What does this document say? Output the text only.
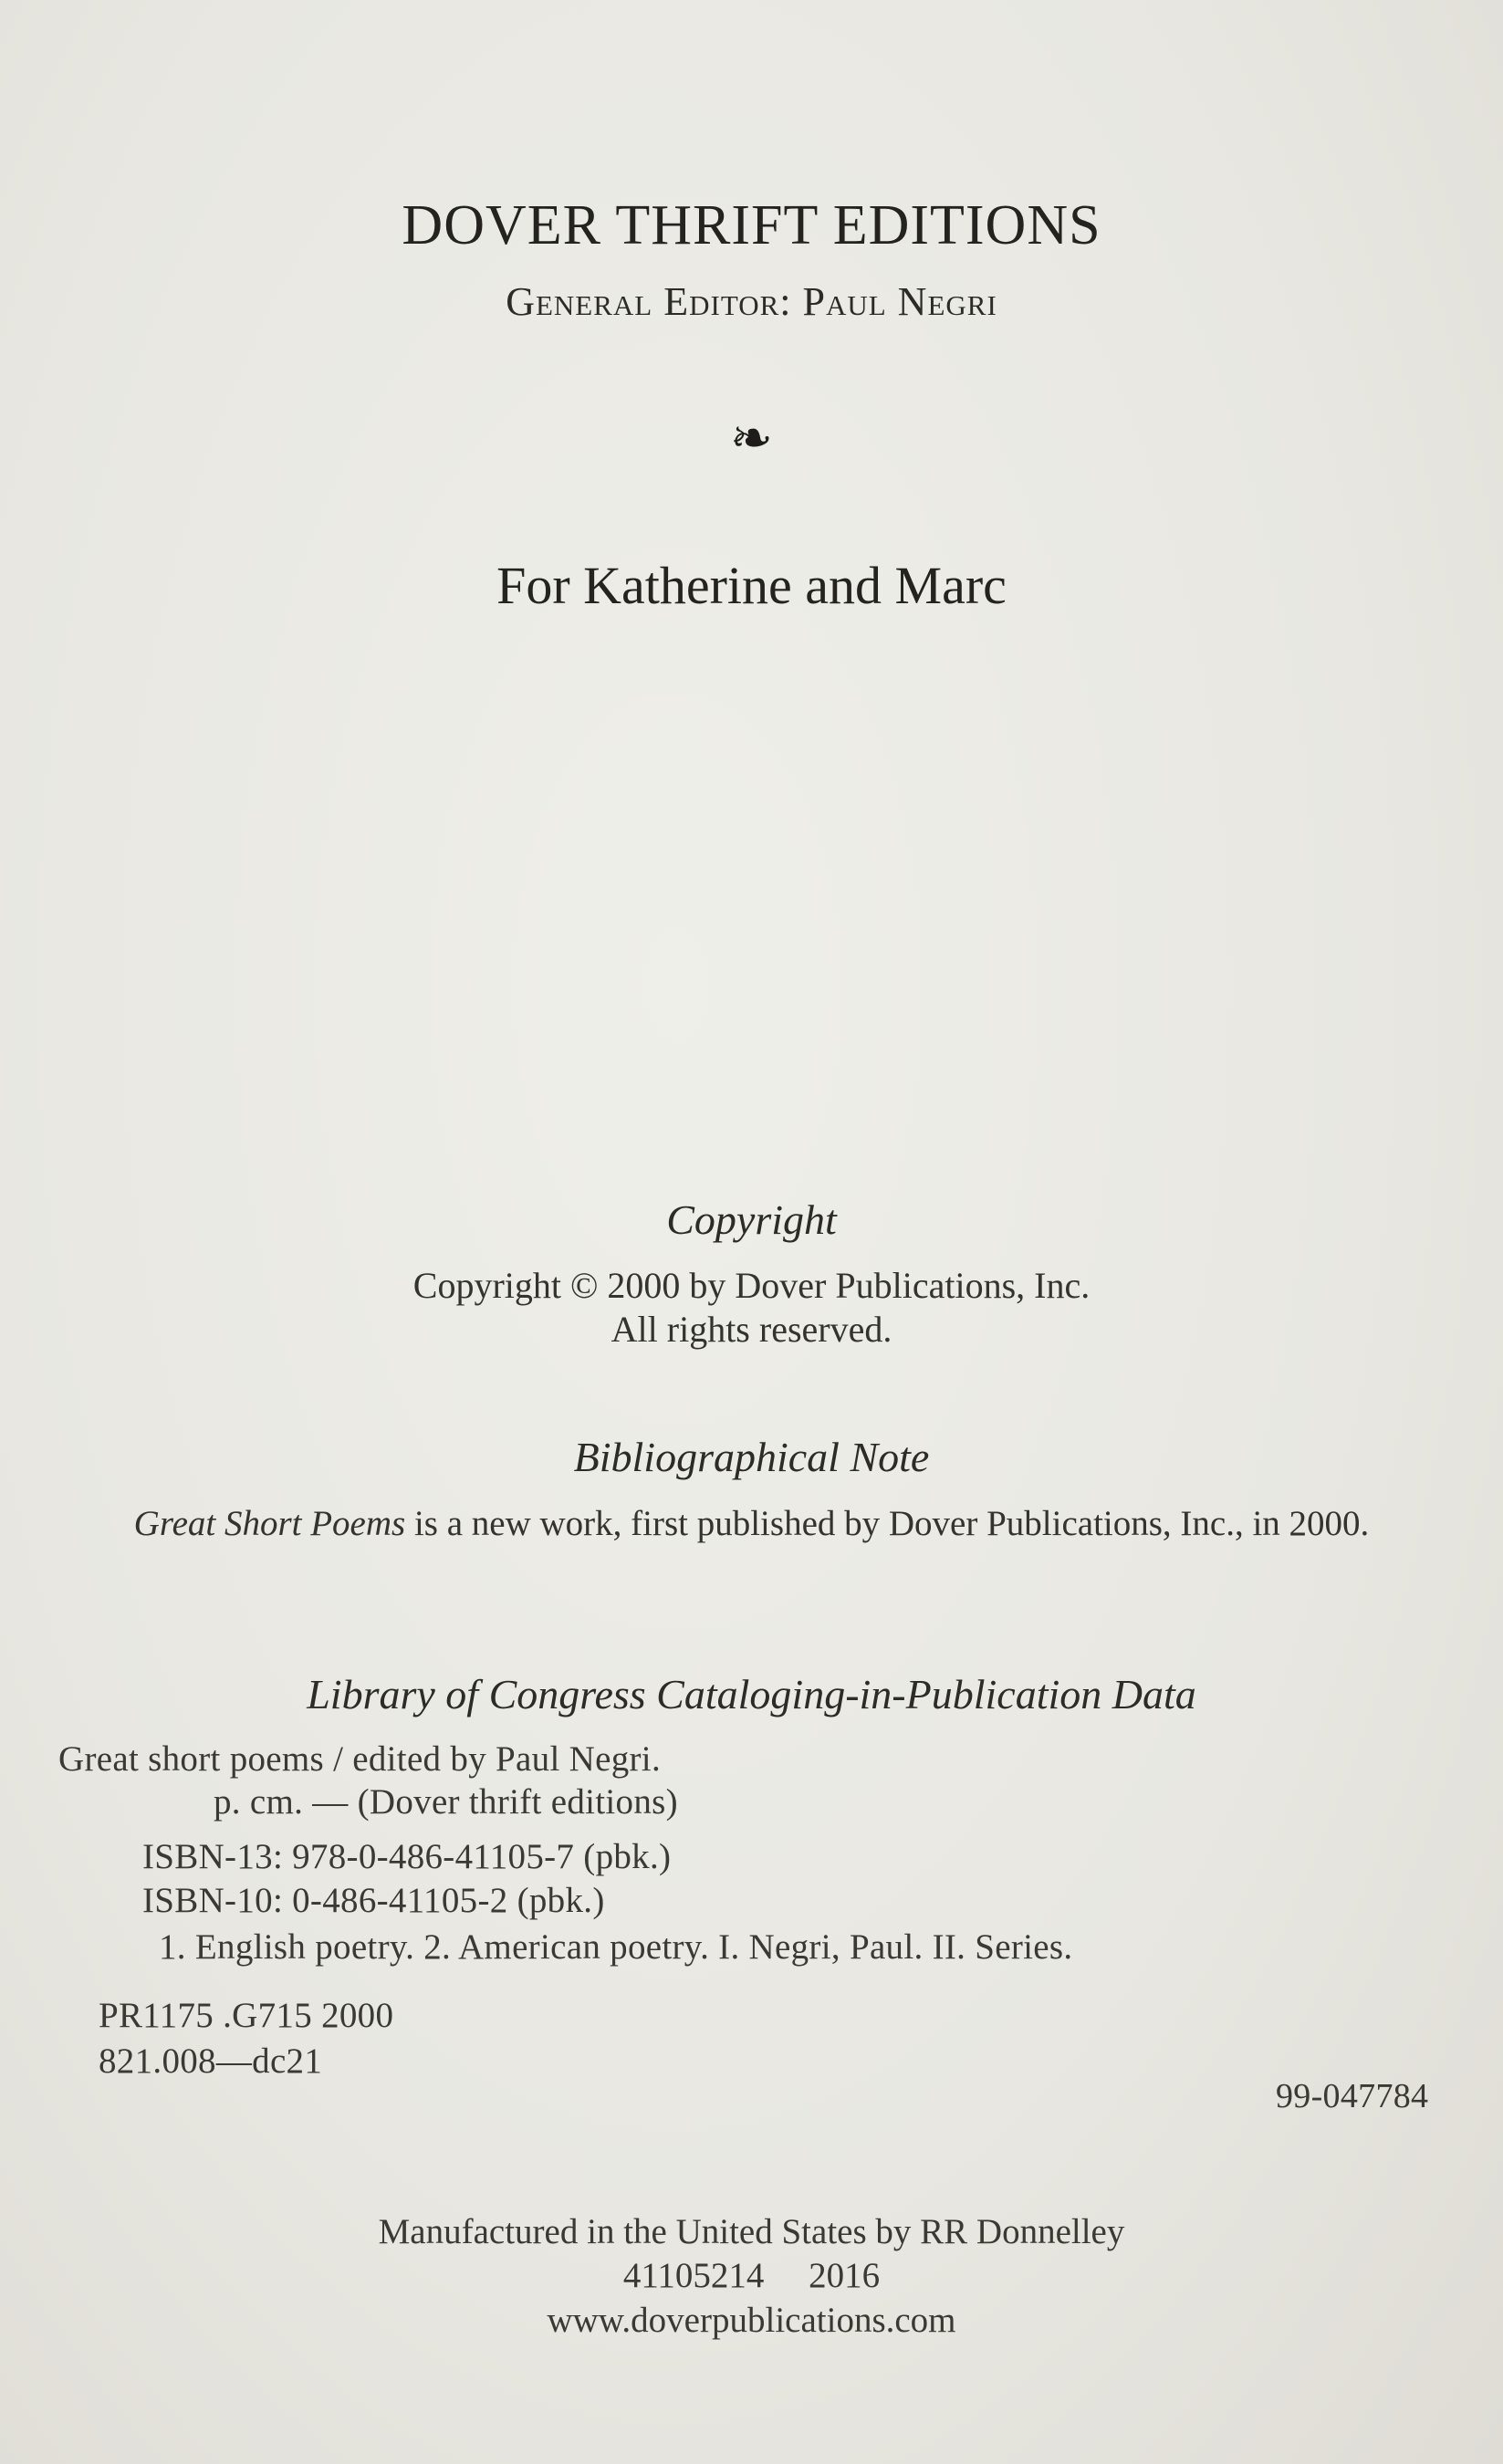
DOVER THRIFT EDITIONS
General Editor: Paul Negri
❧
For Katherine and Marc
Copyright
Copyright © 2000 by Dover Publications, Inc.
All rights reserved.
Bibliographical Note
Great Short Poems is a new work, first published by Dover Publications, Inc., in 2000.
Library of Congress Cataloging-in-Publication Data
Great short poems / edited by Paul Negri.
p. cm. — (Dover thrift editions)
ISBN-13: 978-0-486-41105-7 (pbk.)
ISBN-10: 0-486-41105-2 (pbk.)
1. English poetry. 2. American poetry. I. Negri, Paul. II. Series.
PR1175 .G715 2000
821.008—dc21
99-047784
Manufactured in the United States by RR Donnelley
41105214     2016
www.doverpublications.com
